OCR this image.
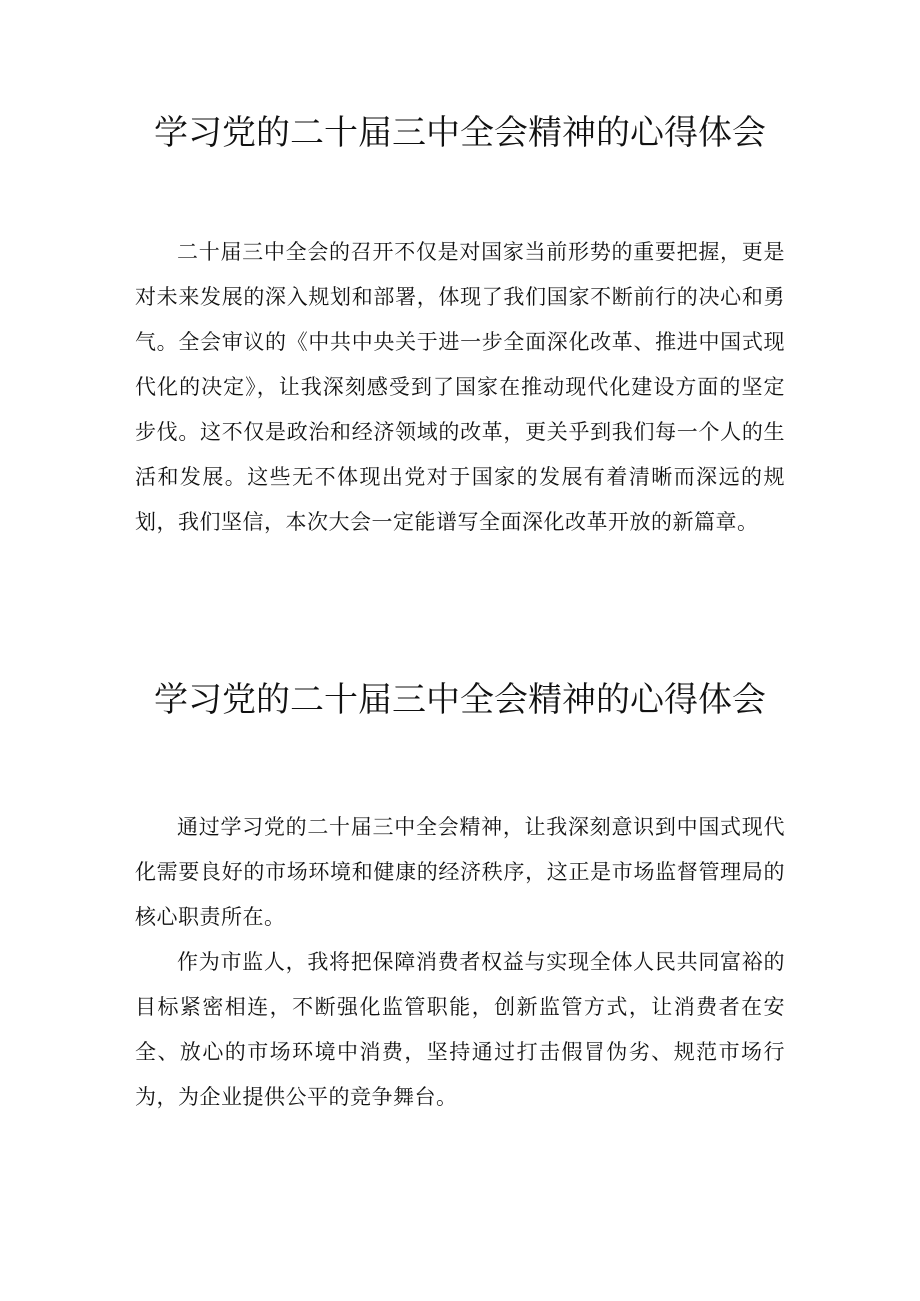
学习党的二十届三中全会精神的心得体会

二十届三中全会的召开不仅是对国家当前形势的重要把握，更是对未来发展的深入规划和部署，体现了我们国家不断前行的决心和勇气。全会审议的《中共中央关于进一步全面深化改革、推进中国式现代化的决定》，让我深刻感受到了国家在推动现代化建设方面的坚定步伐。这不仅是政治和经济领域的改革，更关乎到我们每一个人的生活和发展。这些无不体现出党对于国家的发展有着清晰而深远的规划，我们坚信，本次大会一定能谱写全面深化改革开放的新篇章。

学习党的二十届三中全会精神的心得体会

通过学习党的二十届三中全会精神，让我深刻意识到中国式现代化需要良好的市场环境和健康的经济秩序，这正是市场监督管理局的核心职责所在。

作为市监人，我将把保障消费者权益与实现全体人民共同富裕的目标紧密相连，不断强化监管职能，创新监管方式，让消费者在安全、放心的市场环境中消费，坚持通过打击假冒伪劣、规范市场行为，为企业提供公平的竞争舞台。
